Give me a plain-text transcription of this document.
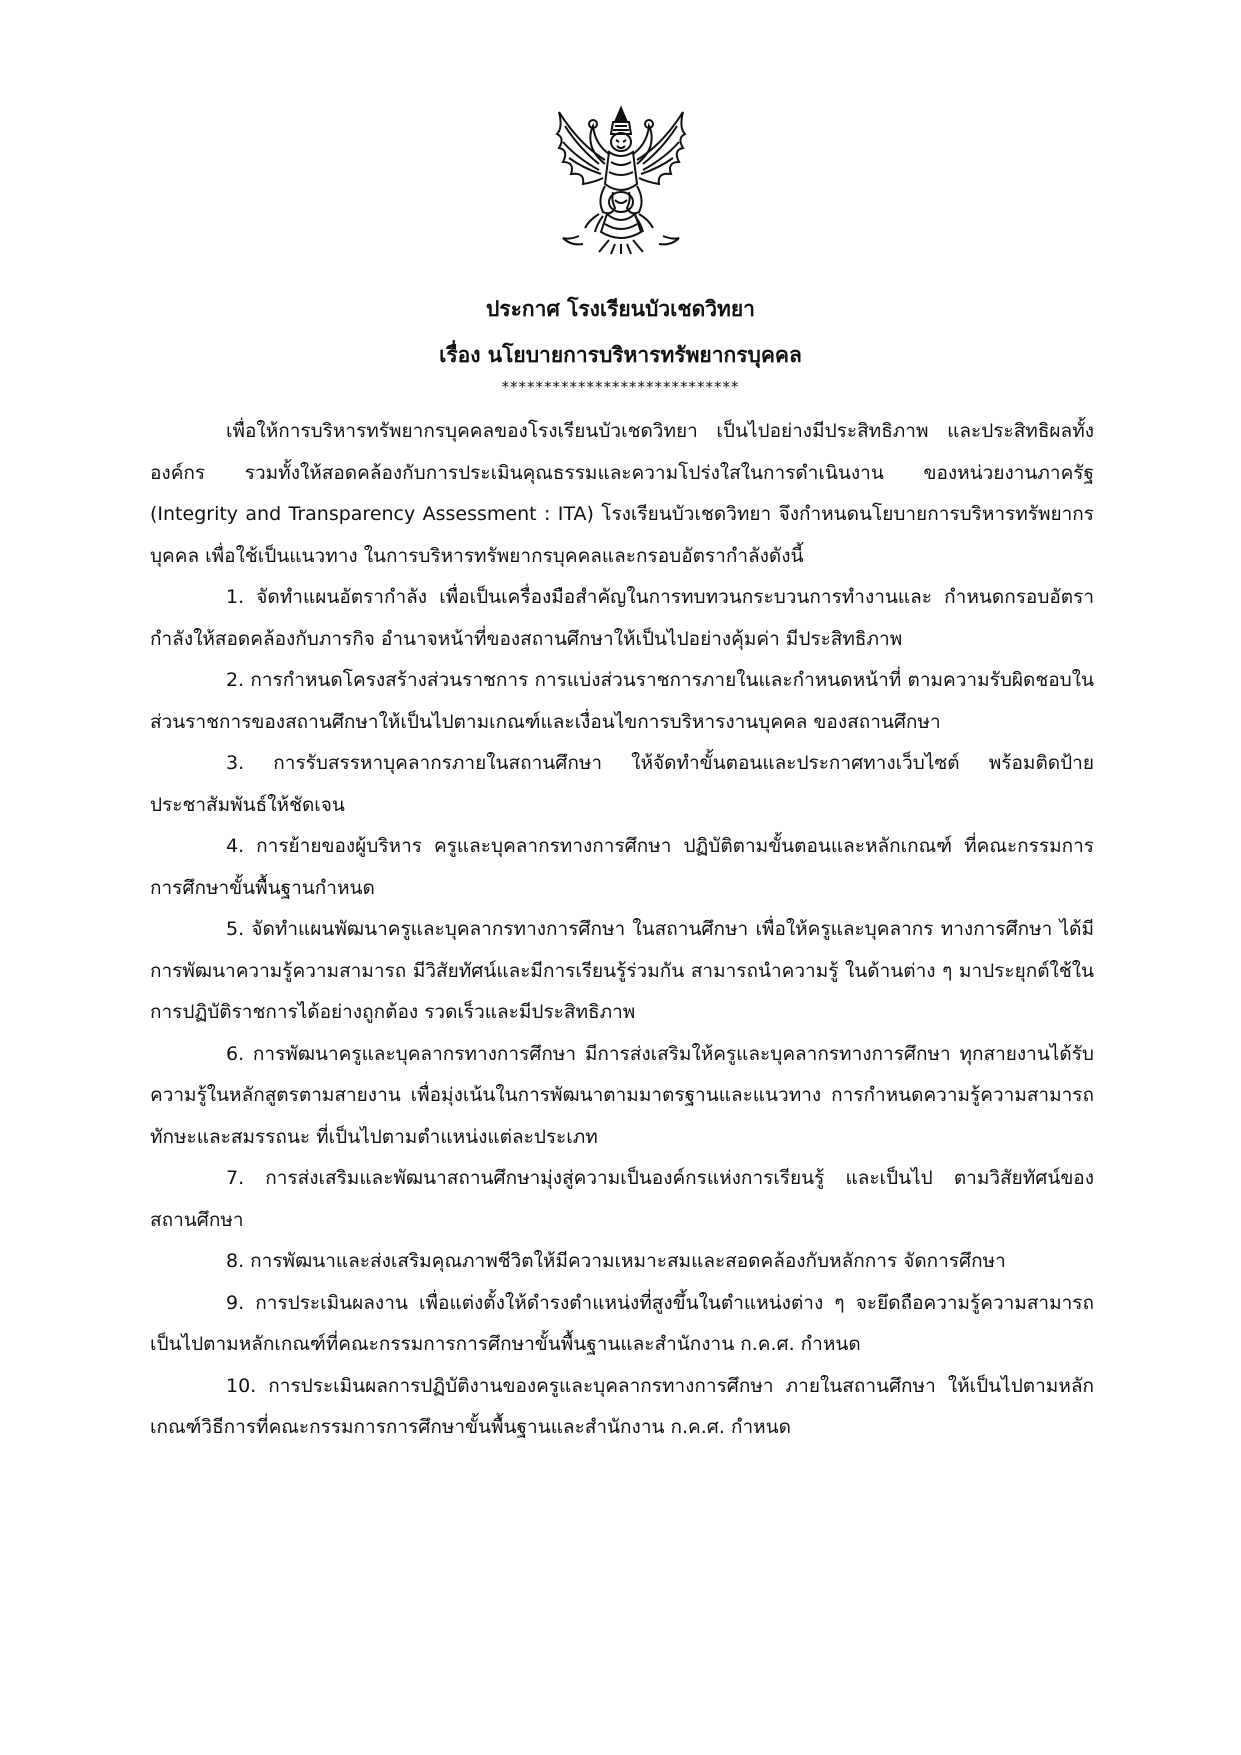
ประกาศ โรงเรียนบัวเชดวิทยา
เรื่อง นโยบายการบริหารทรัพยากรบุคคล
****************************

เพื่อให้การบริหารทรัพยากรบุคคลของโรงเรียนบัวเชดวิทยา เป็นไปอย่างมีประสิทธิภาพ และประสิทธิผลทั้งองค์กร รวมทั้งให้สอดคล้องกับการประเมินคุณธรรมและความโปร่งใสในการดำเนินงาน ของหน่วยงานภาครัฐ (Integrity and Transparency Assessment : ITA) โรงเรียนบัวเชดวิทยา จึงกำหนดนโยบายการบริหารทรัพยากรบุคคล เพื่อใช้เป็นแนวทาง ในการบริหารทรัพยากรบุคคลและกรอบอัตรากำลังดังนี้

1. จัดทำแผนอัตรากำลัง เพื่อเป็นเครื่องมือสำคัญในการทบทวนกระบวนการทำงานและ กำหนดกรอบอัตรากำลังให้สอดคล้องกับภารกิจ อำนาจหน้าที่ของสถานศึกษาให้เป็นไปอย่างคุ้มค่า มีประสิทธิภาพ

2. การกำหนดโครงสร้างส่วนราชการ การแบ่งส่วนราชการภายในและกำหนดหน้าที่ ตามความรับผิดชอบในส่วนราชการของสถานศึกษาให้เป็นไปตามเกณฑ์และเงื่อนไขการบริหารงานบุคคล ของสถานศึกษา

3. การรับสรรหาบุคลากรภายในสถานศึกษา ให้จัดทำขั้นตอนและประกาศทางเว็บไซต์ พร้อมติดป้ายประชาสัมพันธ์ให้ชัดเจน

4. การย้ายของผู้บริหาร ครูและบุคลากรทางการศึกษา ปฏิบัติตามขั้นตอนและหลักเกณฑ์ ที่คณะกรรมการการศึกษาขั้นพื้นฐานกำหนด

5. จัดทำแผนพัฒนาครูและบุคลากรทางการศึกษา ในสถานศึกษา เพื่อให้ครูและบุคลากร ทางการศึกษา ได้มีการพัฒนาความรู้ความสามารถ มีวิสัยทัศน์และมีการเรียนรู้ร่วมกัน สามารถนำความรู้ ในด้านต่าง ๆ มาประยุกต์ใช้ในการปฏิบัติราชการได้อย่างถูกต้อง รวดเร็วและมีประสิทธิภาพ

6. การพัฒนาครูและบุคลากรทางการศึกษา มีการส่งเสริมให้ครูและบุคลากรทางการศึกษา ทุกสายงานได้รับความรู้ในหลักสูตรตามสายงาน เพื่อมุ่งเน้นในการพัฒนาตามมาตรฐานและแนวทาง การกำหนดความรู้ความสามารถ ทักษะและสมรรถนะ ที่เป็นไปตามตำแหน่งแต่ละประเภท

7. การส่งเสริมและพัฒนาสถานศึกษามุ่งสู่ความเป็นองค์กรแห่งการเรียนรู้ และเป็นไป ตามวิสัยทัศน์ของสถานศึกษา

8. การพัฒนาและส่งเสริมคุณภาพชีวิตให้มีความเหมาะสมและสอดคล้องกับหลักการ จัดการศึกษา

9. การประเมินผลงาน เพื่อแต่งตั้งให้ดำรงตำแหน่งที่สูงขึ้นในตำแหน่งต่าง ๆ จะยึดถือความรู้ความสามารถเป็นไปตามหลักเกณฑ์ที่คณะกรรมการการศึกษาขั้นพื้นฐานและสำนักงาน ก.ค.ศ. กำหนด

10. การประเมินผลการปฏิบัติงานของครูและบุคลากรทางการศึกษา ภายในสถานศึกษา ให้เป็นไปตามหลักเกณฑ์วิธีการที่คณะกรรมการการศึกษาขั้นพื้นฐานและสำนักงาน ก.ค.ศ. กำหนด
